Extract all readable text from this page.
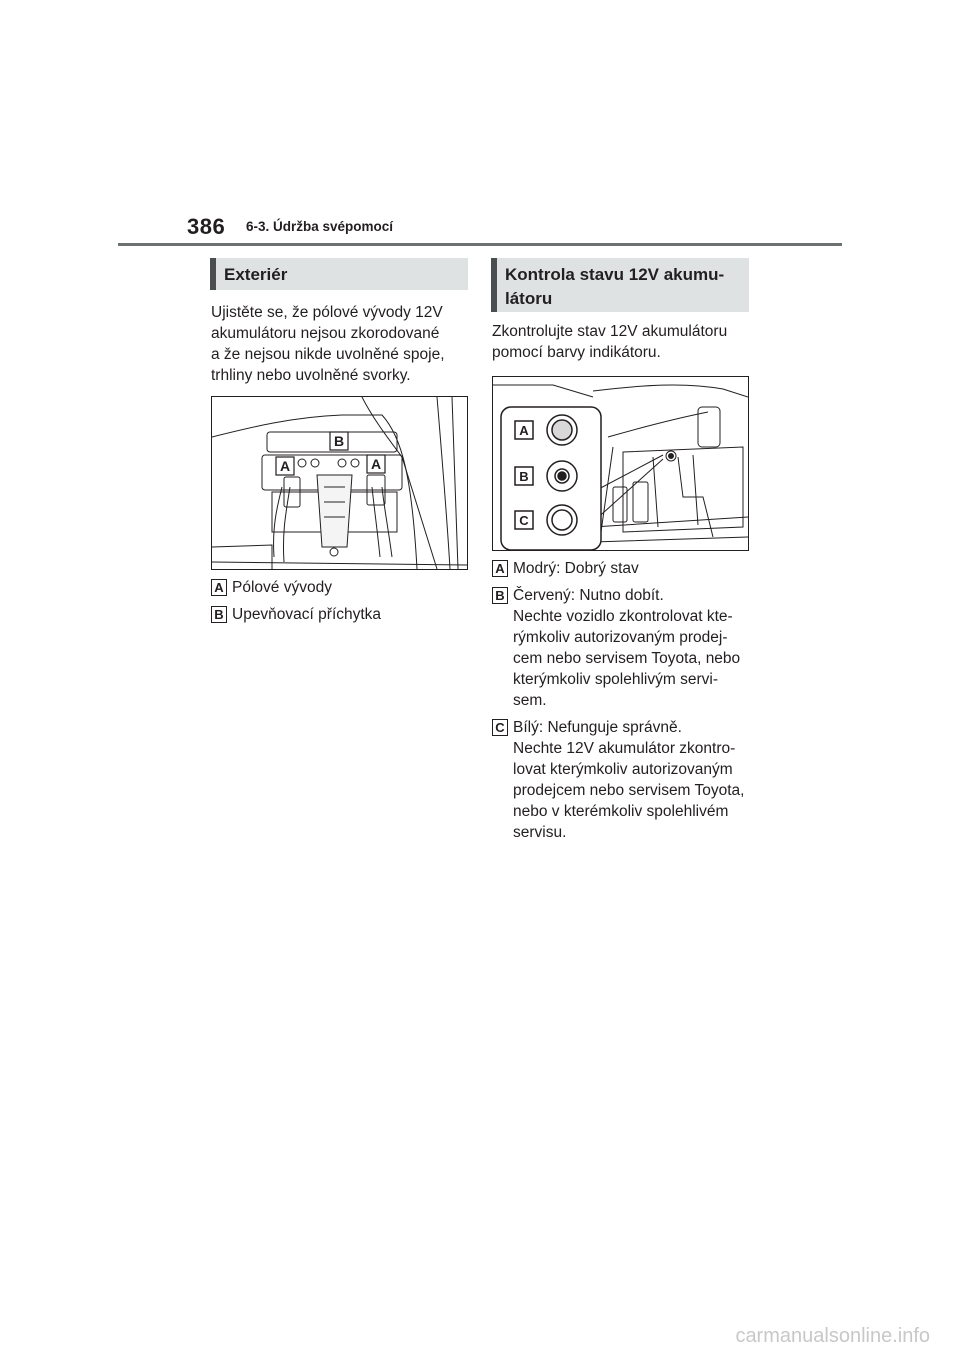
386 6-3. Údržba svépomocí
Exteriér

Ujistěte se, že pólové vývody 12V

akumulátoru nejsou zkorodované

a že nejsou nikde uvolněné spoje,

trhliny nebo uvolněné svorky.

A
B
A
A Pólové vývody
B Upevňovací příchytka
Kontrola stavu 12V akumu-
látoru

Zkontrolujte stav 12V akumulátoru

pomocí barvy indikátoru.

A
B
C
A Modrý: Dobrý stav
B Červený: Nutno dobít.
Nechte vozidlo zkontrolovat kte-
rýmkoliv autorizovaným prodej-
cem nebo servisem Toyota, nebo
kterýmkoliv spolehlivým servi-
sem.
C Bílý: Nefunguje správně.
Nechte 12V akumulátor zkontro-
lovat kterýmkoliv autorizovaným
prodejcem nebo servisem Toyota,
nebo v kterémkoliv spolehlivém
servisu.
carmanualsonline.info
